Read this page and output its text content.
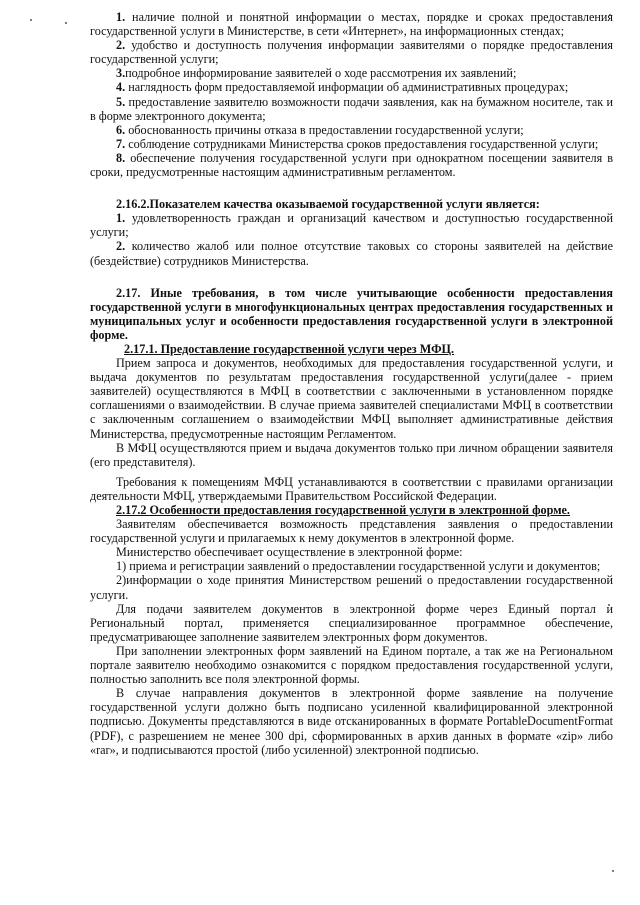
1. наличие полной и понятной информации о местах, порядке и сроках предоставления государственной услуги в Министерстве, в сети «Интернет», на информационных стендах;

2. удобство и доступность получения информации заявителями о порядке предоставления государственной услуги;

3.подробное информирование заявителей о ходе рассмотрения их заявлений;

4. наглядность форм предоставляемой информации об административных процедурах;

5. предоставление заявителю возможности подачи заявления, как на бумажном носителе, так и в форме электронного документа;

6. обоснованность причины отказа в предоставлении государственной услуги;

7. соблюдение сотрудниками Министерства сроков предоставления государственной услуги;

8. обеспечение получения государственной услуги при однократном посещении заявителя в сроки, предусмотренные настоящим административным регламентом.

2.16.2.Показателем качества оказываемой государственной услуги является:

1. удовлетворенность граждан и организаций качеством и доступностью государственной услуги;

2. количество жалоб или полное отсутствие таковых со стороны заявителей на действие (бездействие) сотрудников Министерства.

2.17. Иные требования, в том числе учитывающие особенности предоставления государственной услуги в многофункциональных центрах предоставления государственных и муниципальных услуг и особенности предоставления государственной услуги в электронной форме.

2.17.1. Предоставление государственной услуги через МФЦ.

Прием запроса и документов, необходимых для предоставления государственной услуги, и выдача документов по результатам предоставления государственной услуги(далее - прием заявителей) осуществляются в МФЦ в соответствии с заключенными в установленном порядке соглашениями о взаимодействии. В случае приема заявителей специалистами МФЦ в соответствии с заключенным соглашением о взаимодействии МФЦ выполняет административные действия Министерства, предусмотренные настоящим Регламентом.

В МФЦ осуществляются прием и выдача документов только при личном обращении заявителя (его представителя).

Требования к помещениям МФЦ устанавливаются в соответствии с правилами организации деятельности МФЦ, утверждаемыми Правительством Российской Федерации.

2.17.2 Особенности предоставления государственной услуги в электронной форме.

Заявителям обеспечивается возможность представления заявления о предоставлении государственной услуги и прилагаемых к нему документов в электронной форме.

Министерство обеспечивает осуществление в электронной форме:

1) приема и регистрации заявлений о предоставлении государственной услуги и документов;

2)информации о ходе принятия Министерством решений о предоставлении государственной услуги.

Для подачи заявителем документов в электронной форме через Единый портал и Региональный портал, применяется специализированное программное обеспечение, предусматривающее заполнение заявителем электронных форм документов.

При заполнении электронных форм заявлений на Едином портале, а так же на Региональном портале заявителю необходимо ознакомится с порядком предоставления государственной услуги, полностью заполнить все поля электронной формы.

В случае направления документов в электронной форме заявление на получение государственной услуги должно быть подписано усиленной квалифицированной электронной подписью. Документы представляются в виде отсканированных в формате PortableDocumentFormat (PDF), с разрешением не менее 300 dpi, сформированных в архив данных в формате «zip» либо «rar», и подписываются простой (либо усиленной) электронной подписью.
